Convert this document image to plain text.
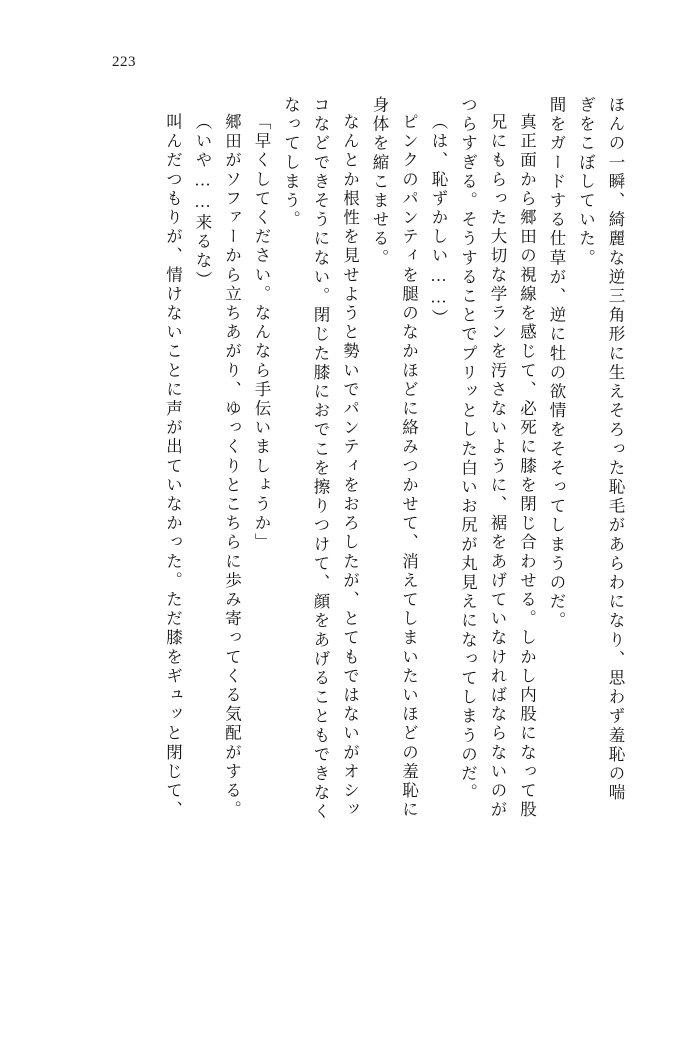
223
ほんの一瞬、綺麗な逆三角形に生えそろった恥毛があらわになり、思わず羞恥の喘
ぎをこぼしていた。
間をガードする仕草が、逆に牡の欲情をそそってしまうのだ。
真正面から郷田の視線を感じて、必死に膝を閉じ合わせる。しかし内股になって股
兄にもらった大切な学ランを汚さないように、裾をあげていなければならないのが
つらすぎる。そうすることでプリッとした白いお尻が丸見えになってしまうのだ。
（は、恥ずかしい……）
ピンクのパンティを腿のなかほどに絡みつかせて、消えてしまいたいほどの羞恥に
身体を縮こませる。
なんとか根性を見せようと勢いでパンティをおろしたが、とてもではないがオシッ
コなどできそうにない。閉じた膝におでこを擦りつけて、顔をあげることもできなく
なってしまう。
「早くしてください。なんなら手伝いましょうか」
郷田がソファーから立ちあがり、ゆっくりとこちらに歩み寄ってくる気配がする。
（いや……来るな）
叫んだつもりが、情けないことに声が出ていなかった。ただ膝をギュッと閉じて、
